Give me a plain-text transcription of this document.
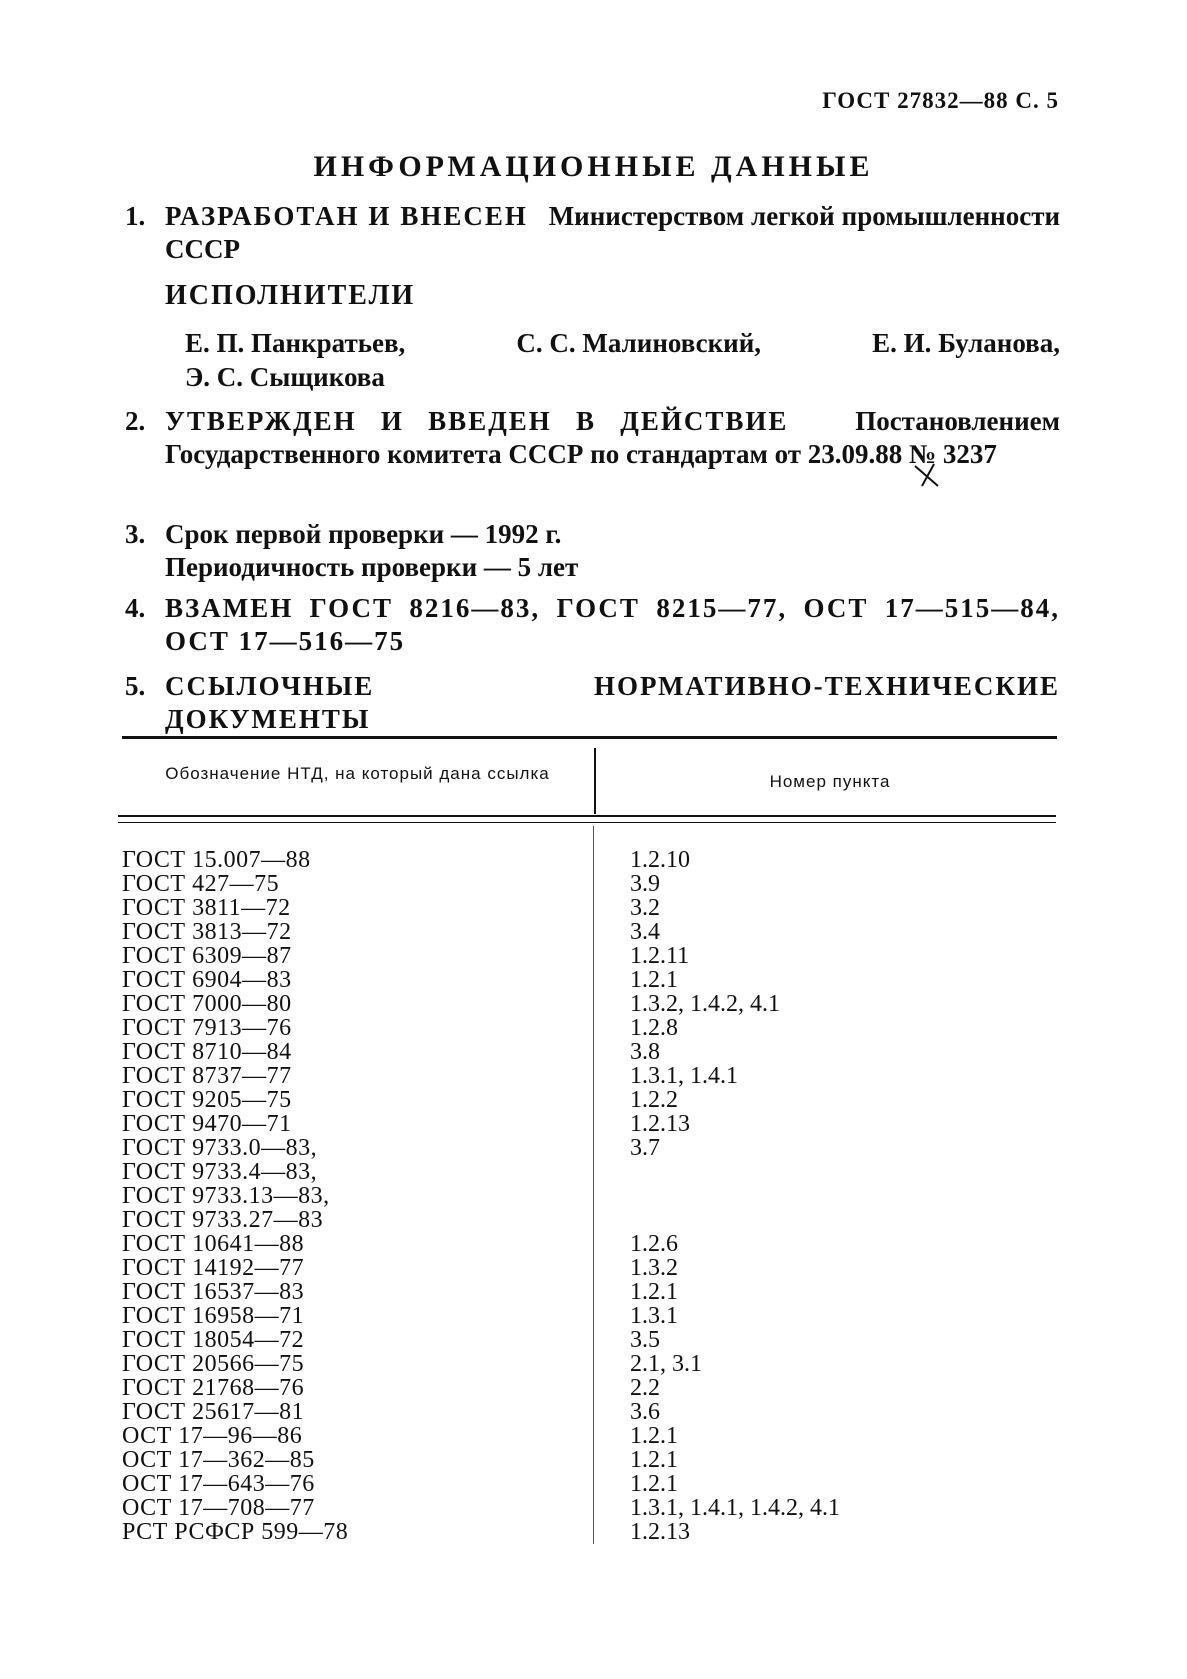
ГОСТ 27832—88 С. 5
ИНФОРМАЦИОННЫЕ ДАННЫЕ
1. РАЗРАБОТАН И ВНЕСЕН Министерством легкой промышленности СССР
ИСПОЛНИТЕЛИ
Е. П. Панкратьев,	С. С. Малиновский,	Е. И. Буланова,
Э. С. Сыщикова
2. УТВЕРЖДЕН И ВВЕДЕН В ДЕЙСТВИЕ Постановлением Государственного комитета СССР по стандартам от 23.09.88 № 3237
3. Срок первой проверки — 1992 г.
Периодичность проверки — 5 лет
4. ВЗАМЕН ГОСТ 8216—83, ГОСТ 8215—77, ОСТ 17—515—84, ОСТ 17—516—75
5. ССЫЛОЧНЫЕ НОРМАТИВНО-ТЕХНИЧЕСКИЕ ДОКУМЕНТЫ
Обозначение НТД, на который дана ссылка	Номер пункта
ГОСТ 15.007—88	1.2.10
ГОСТ 427—75	3.9
ГОСТ 3811—72	3.2
ГОСТ 3813—72	3.4
ГОСТ 6309—87	1.2.11
ГОСТ 6904—83	1.2.1
ГОСТ 7000—80	1.3.2, 1.4.2, 4.1
ГОСТ 7913—76	1.2.8
ГОСТ 8710—84	3.8
ГОСТ 8737—77	1.3.1, 1.4.1
ГОСТ 9205—75	1.2.2
ГОСТ 9470—71	1.2.13
ГОСТ 9733.0—83,	3.7
ГОСТ 9733.4—83,
ГОСТ 9733.13—83,
ГОСТ 9733.27—83
ГОСТ 10641—88	1.2.6
ГОСТ 14192—77	1.3.2
ГОСТ 16537—83	1.2.1
ГОСТ 16958—71	1.3.1
ГОСТ 18054—72	3.5
ГОСТ 20566—75	2.1, 3.1
ГОСТ 21768—76	2.2
ГОСТ 25617—81	3.6
ОСТ 17—96—86	1.2.1
ОСТ 17—362—85	1.2.1
ОСТ 17—643—76	1.2.1
ОСТ 17—708—77	1.3.1, 1.4.1, 1.4.2, 4.1
РСТ РСФСР 599—78	1.2.13
